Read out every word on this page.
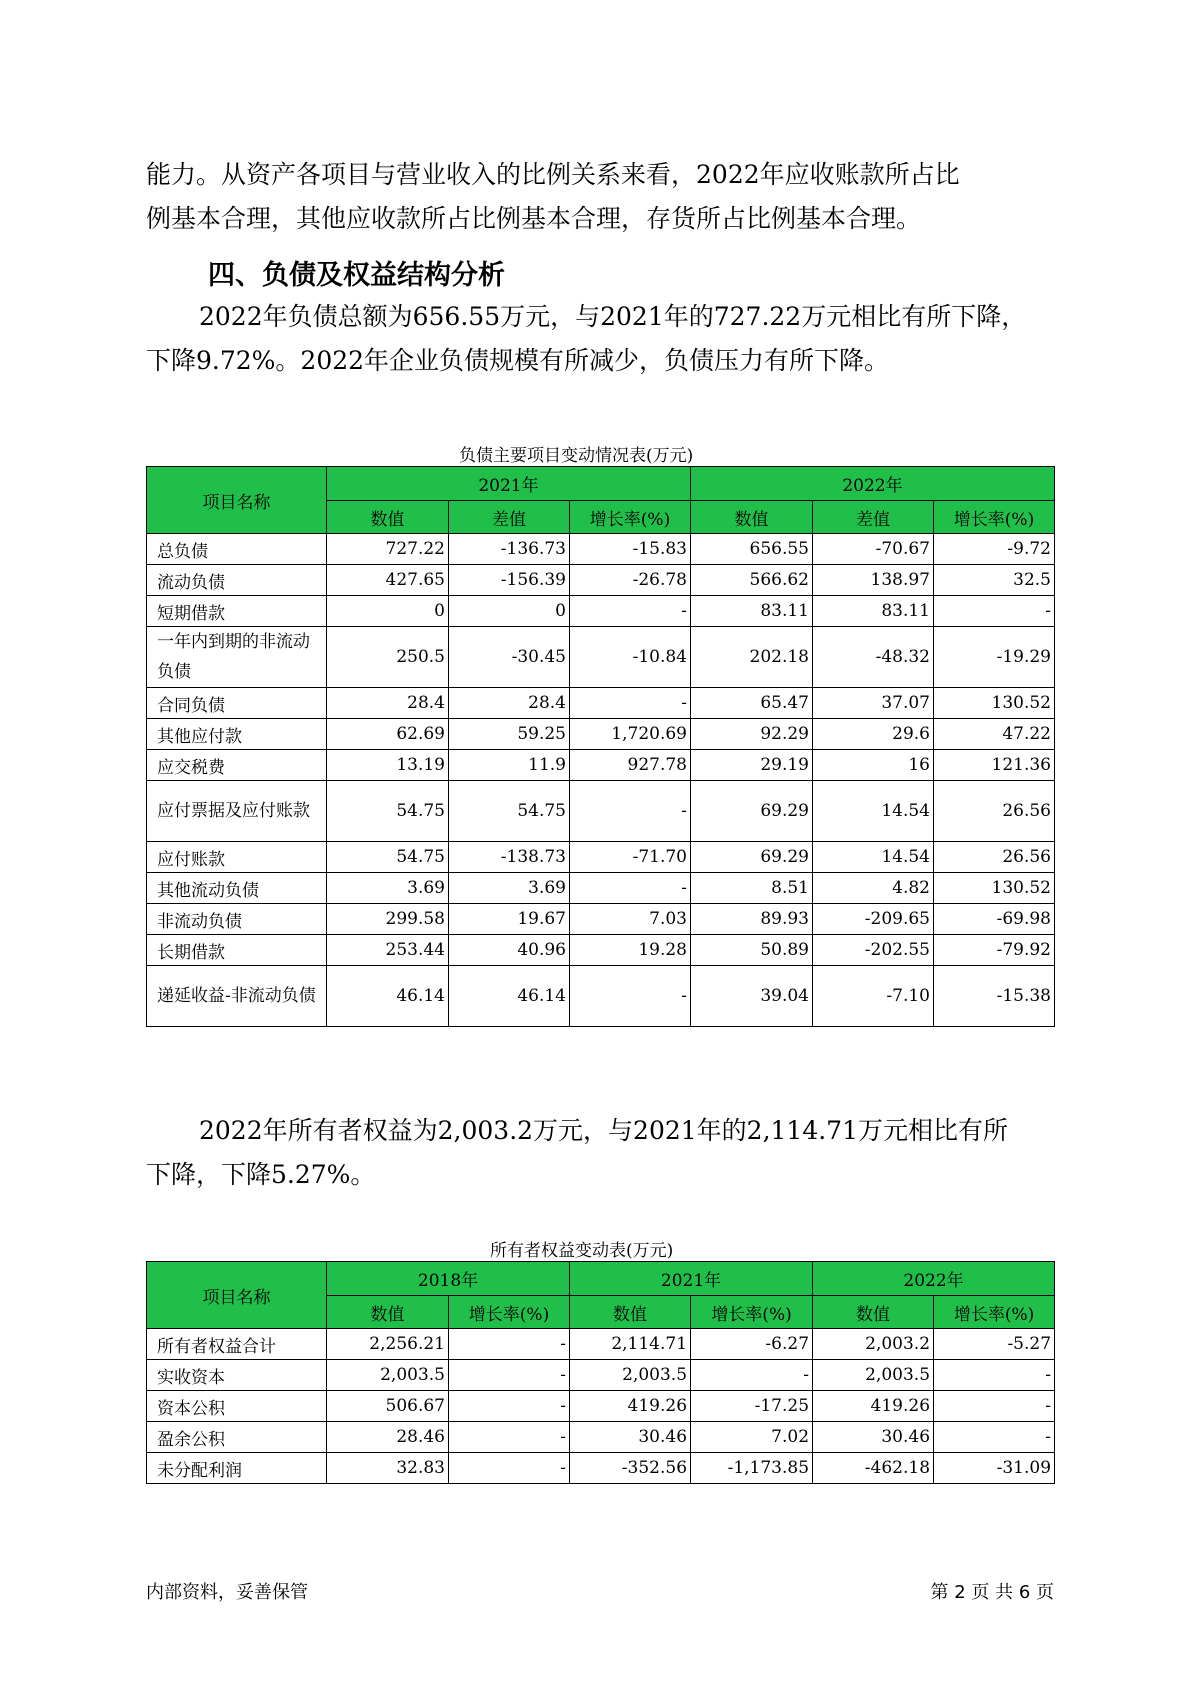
能力。从资产各项目与营业收入的比例关系来看，2022年应收账款所占比
例基本合理，其他应收款所占比例基本合理，存货所占比例基本合理。

四、负债及权益结构分析

2022年负债总额为656.55万元，与2021年的727.22万元相比有所下降，
下降9.72%。2022年企业负债规模有所减少，负债压力有所下降。

负债主要项目变动情况表(万元)
项目名称	2021年			2022年		
	数值	差值	增长率(%)	数值	差值	增长率(%)
总负债	727.22	-136.73	-15.83	656.55	-70.67	-9.72
流动负债	427.65	-156.39	-26.78	566.62	138.97	32.5
短期借款	0	0	-	83.11	83.11	-
一年内到期的非流动负债	250.5	-30.45	-10.84	202.18	-48.32	-19.29
合同负债	28.4	28.4	-	65.47	37.07	130.52
其他应付款	62.69	59.25	1,720.69	92.29	29.6	47.22
应交税费	13.19	11.9	927.78	29.19	16	121.36
应付票据及应付账款	54.75	54.75	-	69.29	14.54	26.56
应付账款	54.75	-138.73	-71.70	69.29	14.54	26.56
其他流动负债	3.69	3.69	-	8.51	4.82	130.52
非流动负债	299.58	19.67	7.03	89.93	-209.65	-69.98
长期借款	253.44	40.96	19.28	50.89	-202.55	-79.92
递延收益-非流动负债	46.14	46.14	-	39.04	-7.10	-15.38

2022年所有者权益为2,003.2万元，与2021年的2,114.71万元相比有所
下降，下降5.27%。

所有者权益变动表(万元)
项目名称	2018年		2021年		2022年	
	数值	增长率(%)	数值	增长率(%)	数值	增长率(%)
所有者权益合计	2,256.21	-	2,114.71	-6.27	2,003.2	-5.27
实收资本	2,003.5	-	2,003.5	-	2,003.5	-
资本公积	506.67	-	419.26	-17.25	419.26	-
盈余公积	28.46	-	30.46	7.02	30.46	-
未分配利润	32.83	-	-352.56	-1,173.85	-462.18	-31.09
内部资料，妥善保管	第 2 页 共 6 页
